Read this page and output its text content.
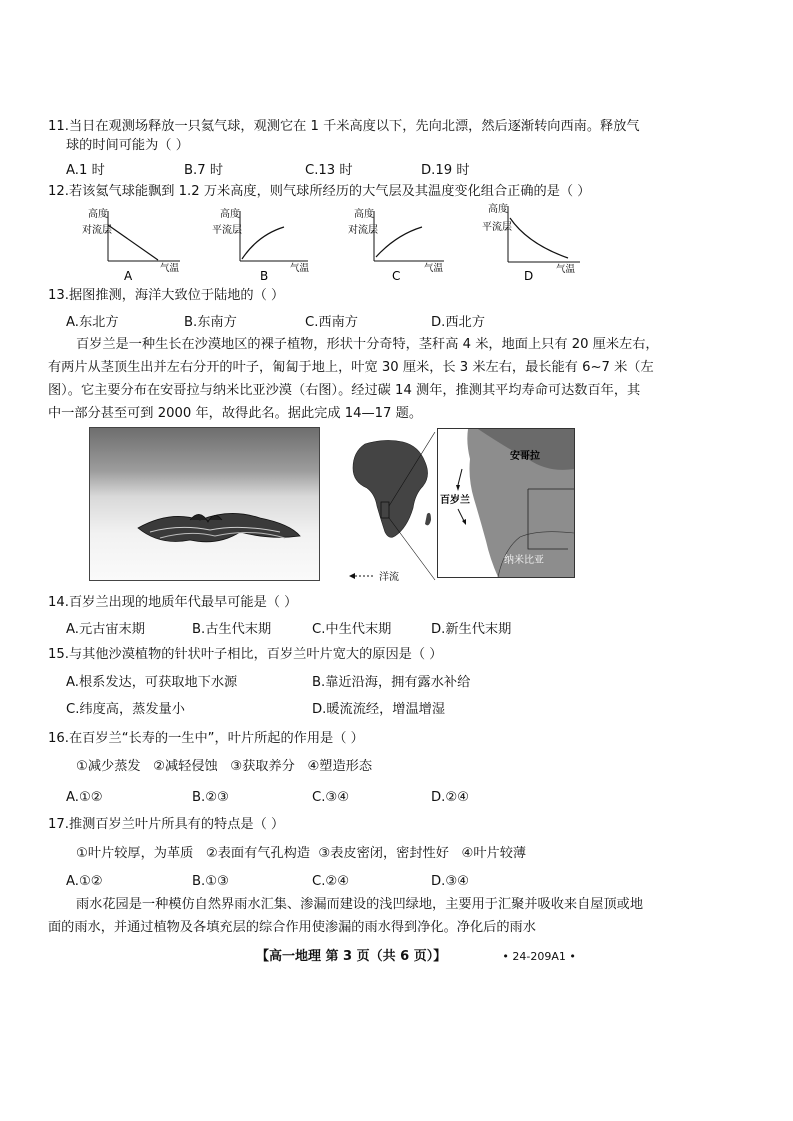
11.当日在观测场释放一只氦气球，观测它在 1 千米高度以下，先向北漂，然后逐渐转向西南。释放气
球的时间可能为（ ）
A.1 时	B.7 时	C.13 时	D.19 时
12.若该氦气球能飘到 1.2 万米高度，则气球所经历的大气层及其温度变化组合正确的是（ ）
高度
对流层
气温
A
高度
平流层
气温
B
高度
对流层
气温
C
高度
平流层
气温
D
13.据图推测，海洋大致位于陆地的（ ）
A.东北方	B.东南方	C.西南方	D.西北方
百岁兰是一种生长在沙漠地区的裸子植物，形状十分奇特，茎秆高 4 米，地面上只有 20 厘米左右，
有两片从茎顶生出并左右分开的叶子，匍匐于地上，叶宽 30 厘米，长 3 米左右，最长能有 6~7 米（左
图）。它主要分布在安哥拉与纳米比亚沙漠（右图）。经过碳 14 测年，推测其平均寿命可达数百年，其
中一部分甚至可到 2000 年，故得此名。据此完成 14—17 题。
洋流
安哥拉
百岁兰
纳米比亚
14.百岁兰出现的地质年代最早可能是（ ）
A.元古宙末期	B.古生代末期	C.中生代末期	D.新生代末期
15.与其他沙漠植物的针状叶子相比，百岁兰叶片宽大的原因是（ ）
A.根系发达，可获取地下水源	B.靠近沿海，拥有露水补给
C.纬度高，蒸发量小	D.暖流流经，增温增湿
16.在百岁兰“长寿的一生中”，叶片所起的作用是（ ）
①减少蒸发   ②减轻侵蚀   ③获取养分   ④塑造形态
A.①②	B.②③	C.③④	D.②④
17.推测百岁兰叶片所具有的特点是（ ）
①叶片较厚，为革质   ②表面有气孔构造  ③表皮密闭，密封性好   ④叶片较薄
A.①②	B.①③	C.②④	D.③④
雨水花园是一种模仿自然界雨水汇集、渗漏而建设的浅凹绿地，主要用于汇聚并吸收来自屋顶或地
面的雨水，并通过植物及各填充层的综合作用使渗漏的雨水得到净化。净化后的雨水
【高一地理 第 3 页（共 6 页）】	• 24-209A1 •
